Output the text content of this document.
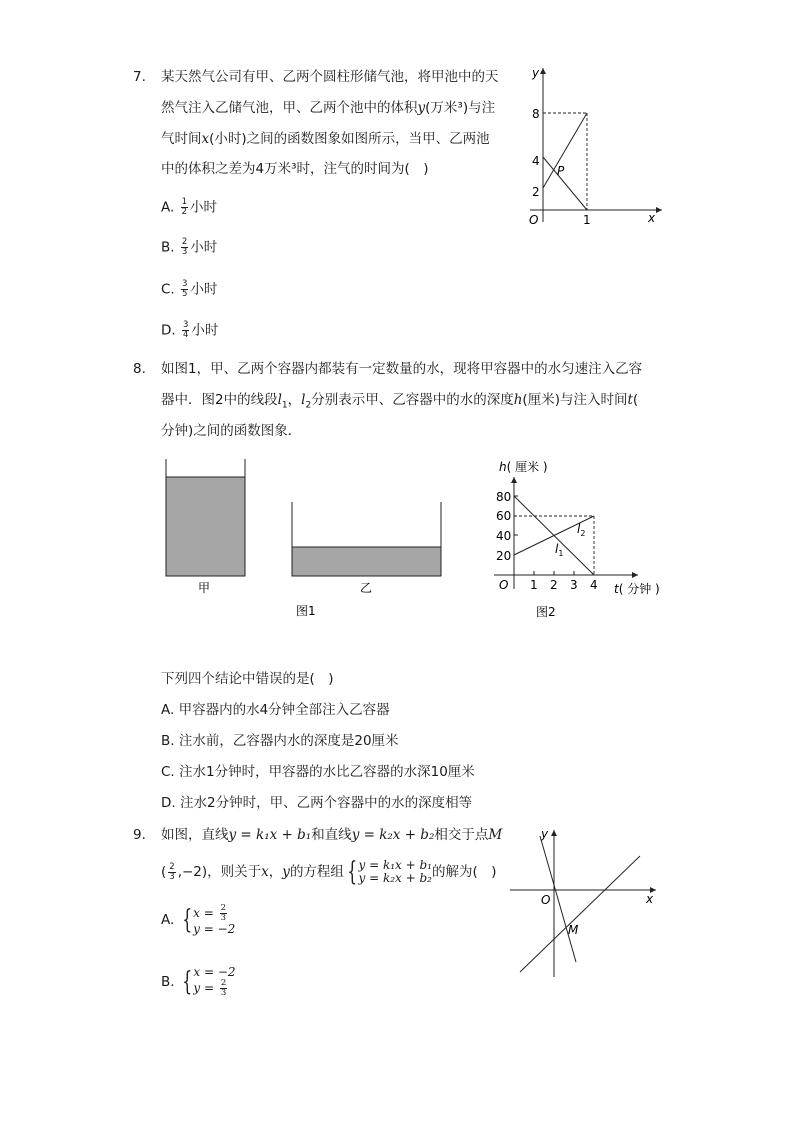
7. 某天然气公司有甲、乙两个圆柱形储气池，将甲池中的天
然气注入乙储气池，甲、乙两个池中的体积y(万米³)与注
气时间x(小时)之间的函数图象如图所示，当甲、乙两池
中的体积之差为4万米³时，注气的时间为(　)
A. $\frac{1}{2}$ 小时
B. $\frac{2}{3}$ 小时
C. $\frac{3}{5}$ 小时
D. $\frac{3}{4}$ 小时
y
x
O
8
4
2
1
P
8. 如图1，甲、乙两个容器内都装有一定数量的水，现将甲容器中的水匀速注入乙容
器中．图2中的线段$l_1$，$l_2$分别表示甲、乙容器中的水的深度h(厘米)与注入时间t(
分钟)之间的函数图象．
甲	乙
图1
h( 厘米 )
t( 分钟 )
O
80
60
40
20
1 2 3 4
$l_1$
$l_2$
图2
下列四个结论中错误的是(　)
A. 甲容器内的水4分钟全部注入乙容器
B. 注水前，乙容器内水的深度是20厘米
C. 注水1分钟时，甲容器的水比乙容器的水深10厘米
D. 注水2分钟时，甲、乙两个容器中的水的深度相等
9. 如图，直线y = k₁x + b₁和直线y = k₂x + b₂相交于点M
( $\frac{2}{3} ,-2$)，则关于x，y的方程组 { y = k₁x + b₁
y = k₂x + b₂ 的解为(　)
A. { $x = \frac{2}{3}$
y = −2
B. { x = −2
$y = \frac{2}{3}$
y
x
O
M
